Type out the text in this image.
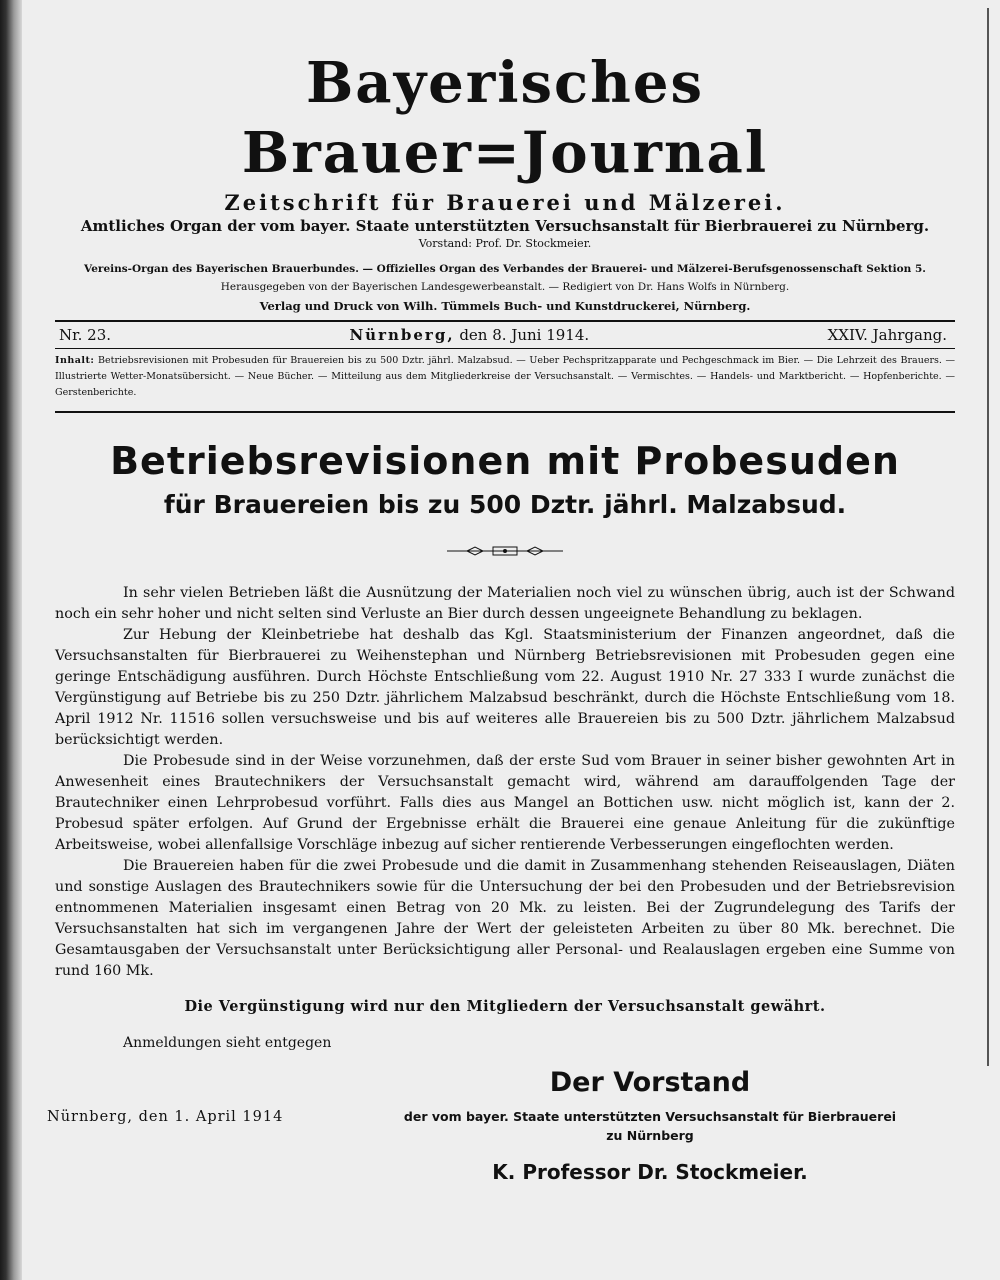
Bayerisches Brauer=Journal
Zeitschrift für Brauerei und Mälzerei.
Amtliches Organ der vom bayer. Staate unterstützten Versuchsanstalt für Bierbrauerei zu Nürnberg.
Vorstand: Prof. Dr. Stockmeier.
Vereins-Organ des Bayerischen Brauerbundes. — Offizielles Organ des Verbandes der Brauerei- und Mälzerei-Berufsgenossenschaft Sektion 5.
Herausgegeben von der Bayerischen Landesgewerbeanstalt. — Redigiert von Dr. Hans Wolfs in Nürnberg.
Verlag und Druck von Wilh. Tümmels Buch- und Kunstdruckerei, Nürnberg.
Nr. 23.	Nürnberg, den 8. Juni 1914.	XXIV. Jahrgang.
Inhalt: Betriebsrevisionen mit Probesuden für Brauereien bis zu 500 Dztr. jährl. Malzabsud. — Ueber Pechspritzapparate und Pechgeschmack im Bier. — Die Lehrzeit des Brauers. — Illustrierte Wetter-Monatsübersicht. — Neue Bücher. — Mitteilung aus dem Mitgliederkreise der Versuchsanstalt. — Vermischtes. — Handels- und Marktbericht. — Hopfenberichte. — Gerstenberichte.
Betriebsrevisionen mit Probesuden
für Brauereien bis zu 500 Dztr. jährl. Malzabsud.

In sehr vielen Betrieben läßt die Ausnützung der Materialien noch viel zu wünschen übrig, auch ist der Schwand noch ein sehr hoher und nicht selten sind Verluste an Bier durch dessen ungeeignete Behandlung zu beklagen.

Zur Hebung der Kleinbetriebe hat deshalb das Kgl. Staatsministerium der Finanzen angeordnet, daß die Versuchsanstalten für Bierbrauerei zu Weihenstephan und Nürnberg Betriebsrevisionen mit Probesuden gegen eine geringe Entschädigung ausführen. Durch Höchste Entschließung vom 22. August 1910 Nr. 27 333 I wurde zunächst die Vergünstigung auf Betriebe bis zu 250 Dztr. jährlichem Malzabsud beschränkt, durch die Höchste Entschließung vom 18. April 1912 Nr. 11516 sollen versuchsweise und bis auf weiteres alle Brauereien bis zu 500 Dztr. jährlichem Malzabsud berücksichtigt werden.

Die Probesude sind in der Weise vorzunehmen, daß der erste Sud vom Brauer in seiner bisher gewohnten Art in Anwesenheit eines Brautechnikers der Versuchsanstalt gemacht wird, während am darauffolgenden Tage der Brautechniker einen Lehrprobesud vorführt. Falls dies aus Mangel an Bottichen usw. nicht möglich ist, kann der 2. Probesud später erfolgen. Auf Grund der Ergebnisse erhält die Brauerei eine genaue Anleitung für die zukünftige Arbeitsweise, wobei allenfallsige Vorschläge inbezug auf sicher rentierende Verbesserungen eingeflochten werden.

Die Brauereien haben für die zwei Probesude und die damit in Zusammenhang stehenden Reiseauslagen, Diäten und sonstige Auslagen des Brautechnikers sowie für die Untersuchung der bei den Probesuden und der Betriebsrevision entnommenen Materialien insgesamt einen Betrag von 20 Mk. zu leisten. Bei der Zugrundelegung des Tarifs der Versuchsanstalten hat sich im vergangenen Jahre der Wert der geleisteten Arbeiten zu über 80 Mk. berechnet. Die Gesamtausgaben der Versuchsanstalt unter Berücksichtigung aller Personal- und Realauslagen ergeben eine Summe von rund 160 Mk.

Die Vergünstigung wird nur den Mitgliedern der Versuchsanstalt gewährt.
Anmeldungen sieht entgegen
Nürnberg, den 1. April 1914
Der Vorstand
der vom bayer. Staate unterstützten Versuchsanstalt für Bierbrauerei
zu Nürnberg
K. Professor Dr. Stockmeier.
